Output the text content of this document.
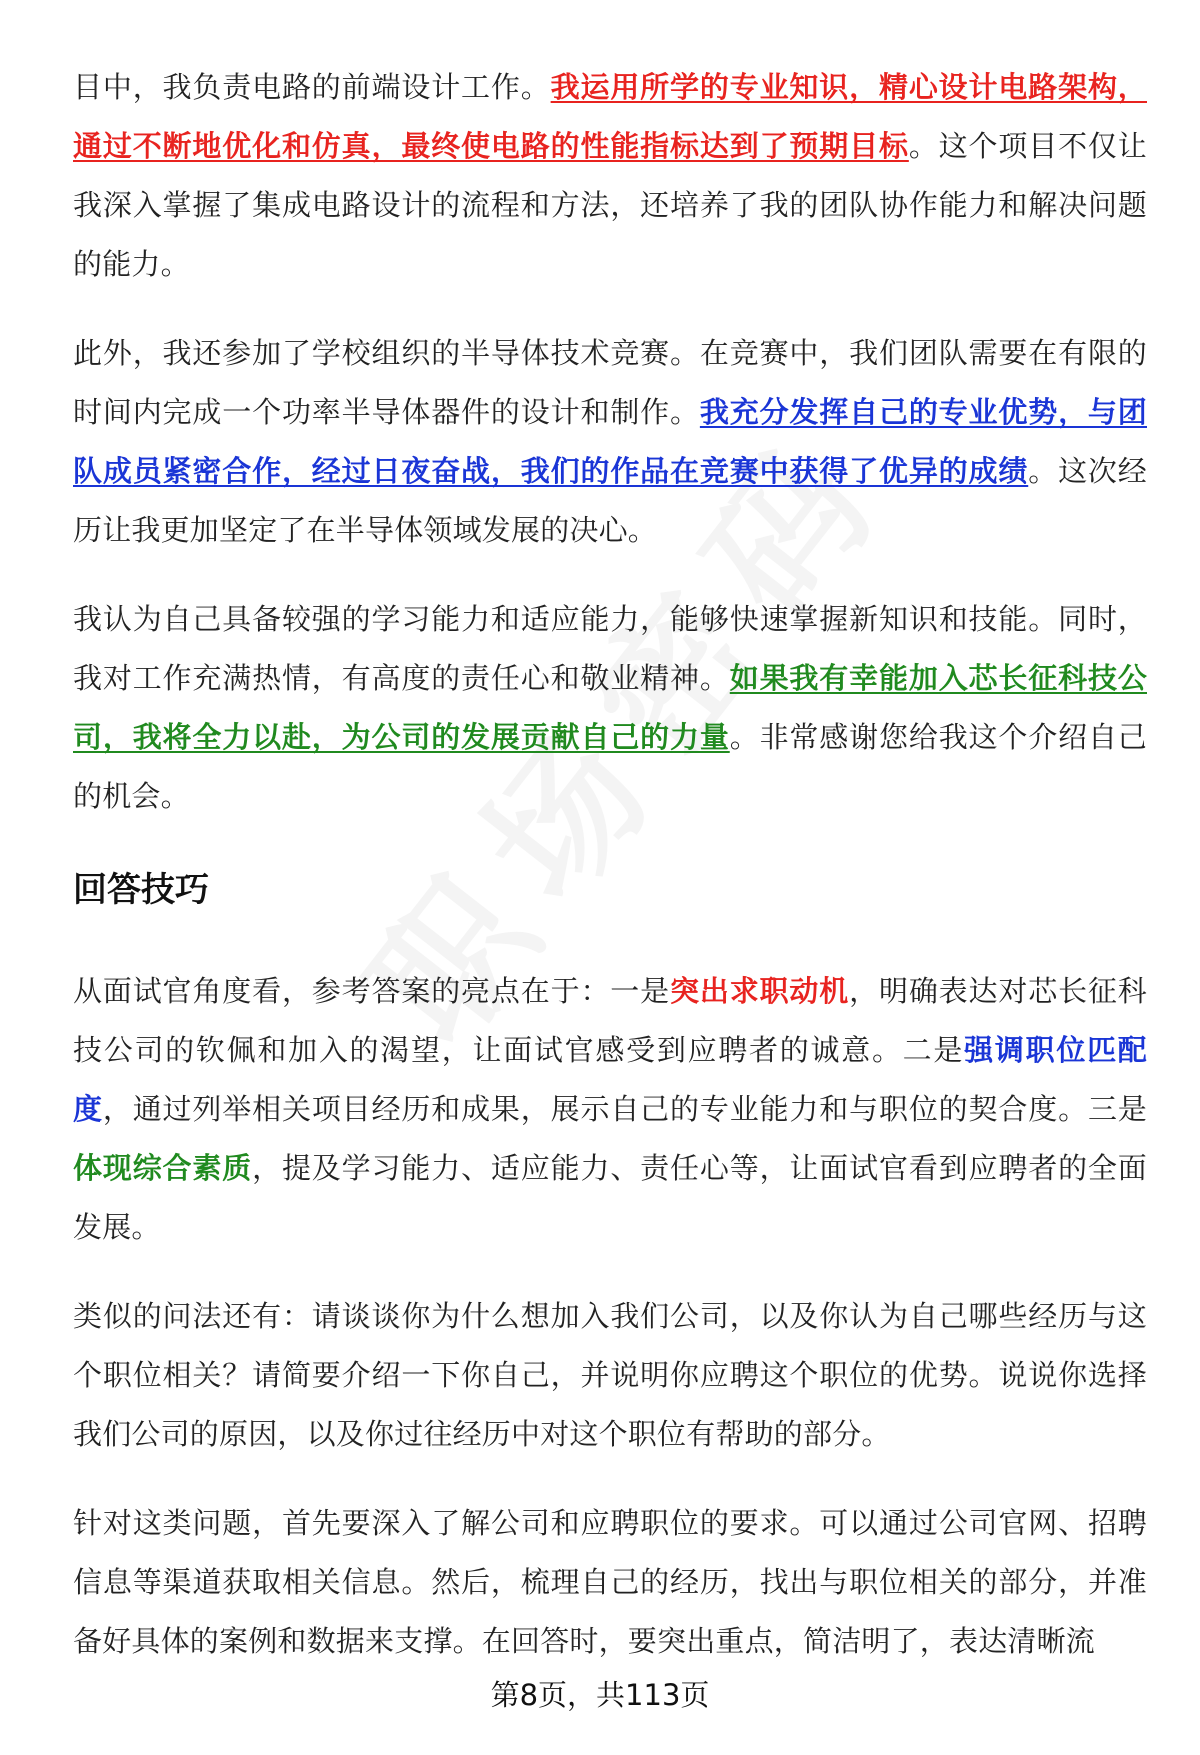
目中，我负责电路的前端设计工作。我运用所学的专业知识，精心设计电路架构，通过不断地优化和仿真，最终使电路的性能指标达到了预期目标。这个项目不仅让我深入掌握了集成电路设计的流程和方法，还培养了我的团队协作能力和解决问题的能力。

此外，我还参加了学校组织的半导体技术竞赛。在竞赛中，我们团队需要在有限的时间内完成一个功率半导体器件的设计和制作。我充分发挥自己的专业优势，与团队成员紧密合作，经过日夜奋战，我们的作品在竞赛中获得了优异的成绩。这次经历让我更加坚定了在半导体领域发展的决心。

我认为自己具备较强的学习能力和适应能力，能够快速掌握新知识和技能。同时，我对工作充满热情，有高度的责任心和敬业精神。如果我有幸能加入芯长征科技公司，我将全力以赴，为公司的发展贡献自己的力量。非常感谢您给我这个介绍自己的机会。

回答技巧

从面试官角度看，参考答案的亮点在于：一是突出求职动机，明确表达对芯长征科技公司的钦佩和加入的渴望，让面试官感受到应聘者的诚意。二是强调职位匹配度，通过列举相关项目经历和成果，展示自己的专业能力和与职位的契合度。三是体现综合素质，提及学习能力、适应能力、责任心等，让面试官看到应聘者的全面发展。

类似的问法还有：请谈谈你为什么想加入我们公司，以及你认为自己哪些经历与这个职位相关？请简要介绍一下你自己，并说明你应聘这个职位的优势。说说你选择我们公司的原因，以及你过往经历中对这个职位有帮助的部分。

针对这类问题，首先要深入了解公司和应聘职位的要求。可以通过公司官网、招聘信息等渠道获取相关信息。然后，梳理自己的经历，找出与职位相关的部分，并准备好具体的案例和数据来支撑。在回答时，要突出重点，简洁明了，表达清晰流

第8页，共113页
